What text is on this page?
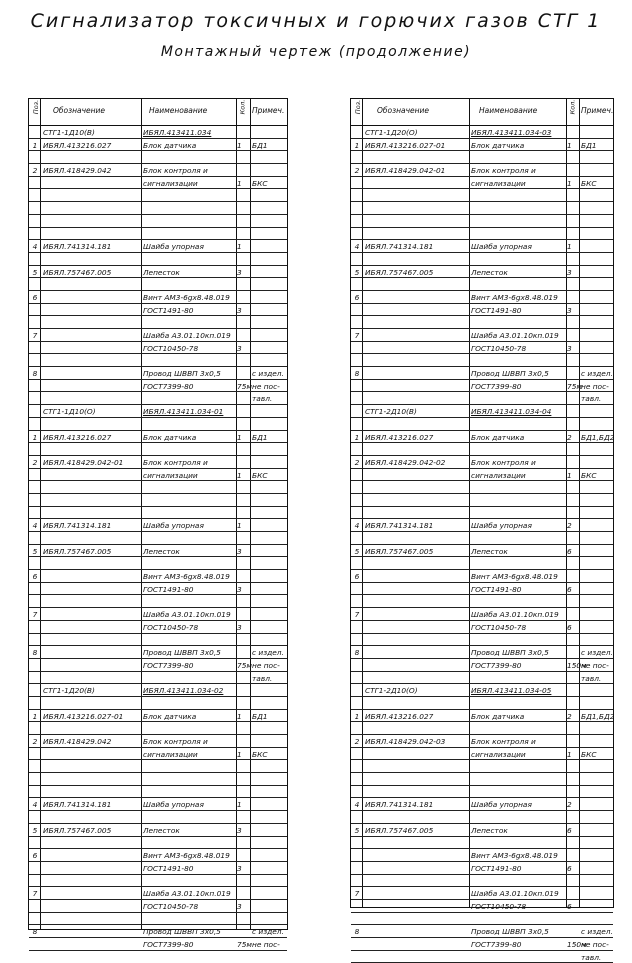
Сигнализатор токсичных и горючих газов СТГ 1
Монтажный чертеж (продолжение)
Поз. Обозначение	Наименование	Кол. Примеч.
СТГ1-1Д10(В)	ИБЯЛ.413411.034
1 ИБЯЛ.413216.027	Блок датчика	1	БД1
2 ИБЯЛ.418429.042	Блок контроля и
сигнализации	1	БКС
4 ИБЯЛ.741314.181	Шайба упорная	1
5 ИБЯЛ.757467.005	Лепесток	3
6	Винт АМ3-6gх8.48.019
ГОСТ1491-80	3
7	Шайба А3.01.10кп.019
ГОСТ10450-78	3
8	Провод ШВВП 3х0,5	с издел.
ГОСТ7399-80	75м не пос-
тавл.
СТГ1-1Д10(О)	ИБЯЛ.413411.034-01
1 ИБЯЛ.413216.027	Блок датчика	1	БД1
2 ИБЯЛ.418429.042-01	Блок контроля и
сигнализации	1	БКС
4 ИБЯЛ.741314.181	Шайба упорная	1
5 ИБЯЛ.757467.005	Лепесток	3
6	Винт АМ3-6gх8.48.019
ГОСТ1491-80	3
7	Шайба А3.01.10кп.019
ГОСТ10450-78	3
8	Провод ШВВП 3х0,5	с издел.
ГОСТ7399-80	75м не пос-
тавл.
СТГ1-1Д20(В)	ИБЯЛ.413411.034-02
1 ИБЯЛ.413216.027-01	Блок датчика	1	БД1
2 ИБЯЛ.418429.042	Блок контроля и
сигнализации	1	БКС
4 ИБЯЛ.741314.181	Шайба упорная	1
5 ИБЯЛ.757467.005	Лепесток	3
6	Винт АМ3-6gх8.48.019
ГОСТ1491-80	3
7	Шайба А3.01.10кп.019
ГОСТ10450-78	3
8	Провод ШВВП 3х0,5	с издел.
ГОСТ7399-80	75м не пос-
Поз. Обозначение	Наименование	Кол. Примеч.
СТГ1-1Д20(О)	ИБЯЛ.413411.034-03
1 ИБЯЛ.413216.027-01	Блок датчика	1	БД1
2 ИБЯЛ.418429.042-01	Блок контроля и
сигнализации	1	БКС
4 ИБЯЛ.741314.181	Шайба упорная	1
5 ИБЯЛ.757467.005	Лепесток	3
6	Винт АМ3-6gх8.48.019
ГОСТ1491-80	3
7	Шайба А3.01.10кп.019
ГОСТ10450-78	3
8	Провод ШВВП 3х0,5	с издел.
ГОСТ7399-80	75м не пос-
тавл.
СТГ1-2Д10(В)	ИБЯЛ.413411.034-04
1 ИБЯЛ.413216.027	Блок датчика	2	БД1,БД2
2 ИБЯЛ.418429.042-02	Блок контроля и
сигнализации	1	БКС
4 ИБЯЛ.741314.181	Шайба упорная	2
5 ИБЯЛ.757467.005	Лепесток	6
6	Винт АМ3-6gх8.48.019
ГОСТ1491-80	6
7	Шайба А3.01.10кп.019
ГОСТ10450-78	6
8	Провод ШВВП 3х0,5	с издел.
ГОСТ7399-80	150м
не пос-
тавл.
СТГ1-2Д10(О)	ИБЯЛ.413411.034-05
1 ИБЯЛ.413216.027	Блок датчика	2	БД1,БД2
2 ИБЯЛ.418429.042-03	Блок контроля и
сигнализации	1	БКС
4 ИБЯЛ.741314.181	Шайба упорная	2
5 ИБЯЛ.757467.005	Лепесток	6
Винт АМ3-6gх8.48.019
ГОСТ1491-80	6
7	Шайба А3.01.10кп.019
ГОСТ10450-78	6
8	Провод ШВВП 3х0,5	с издел.
ГОСТ7399-80	150м
не пос-
тавл.
